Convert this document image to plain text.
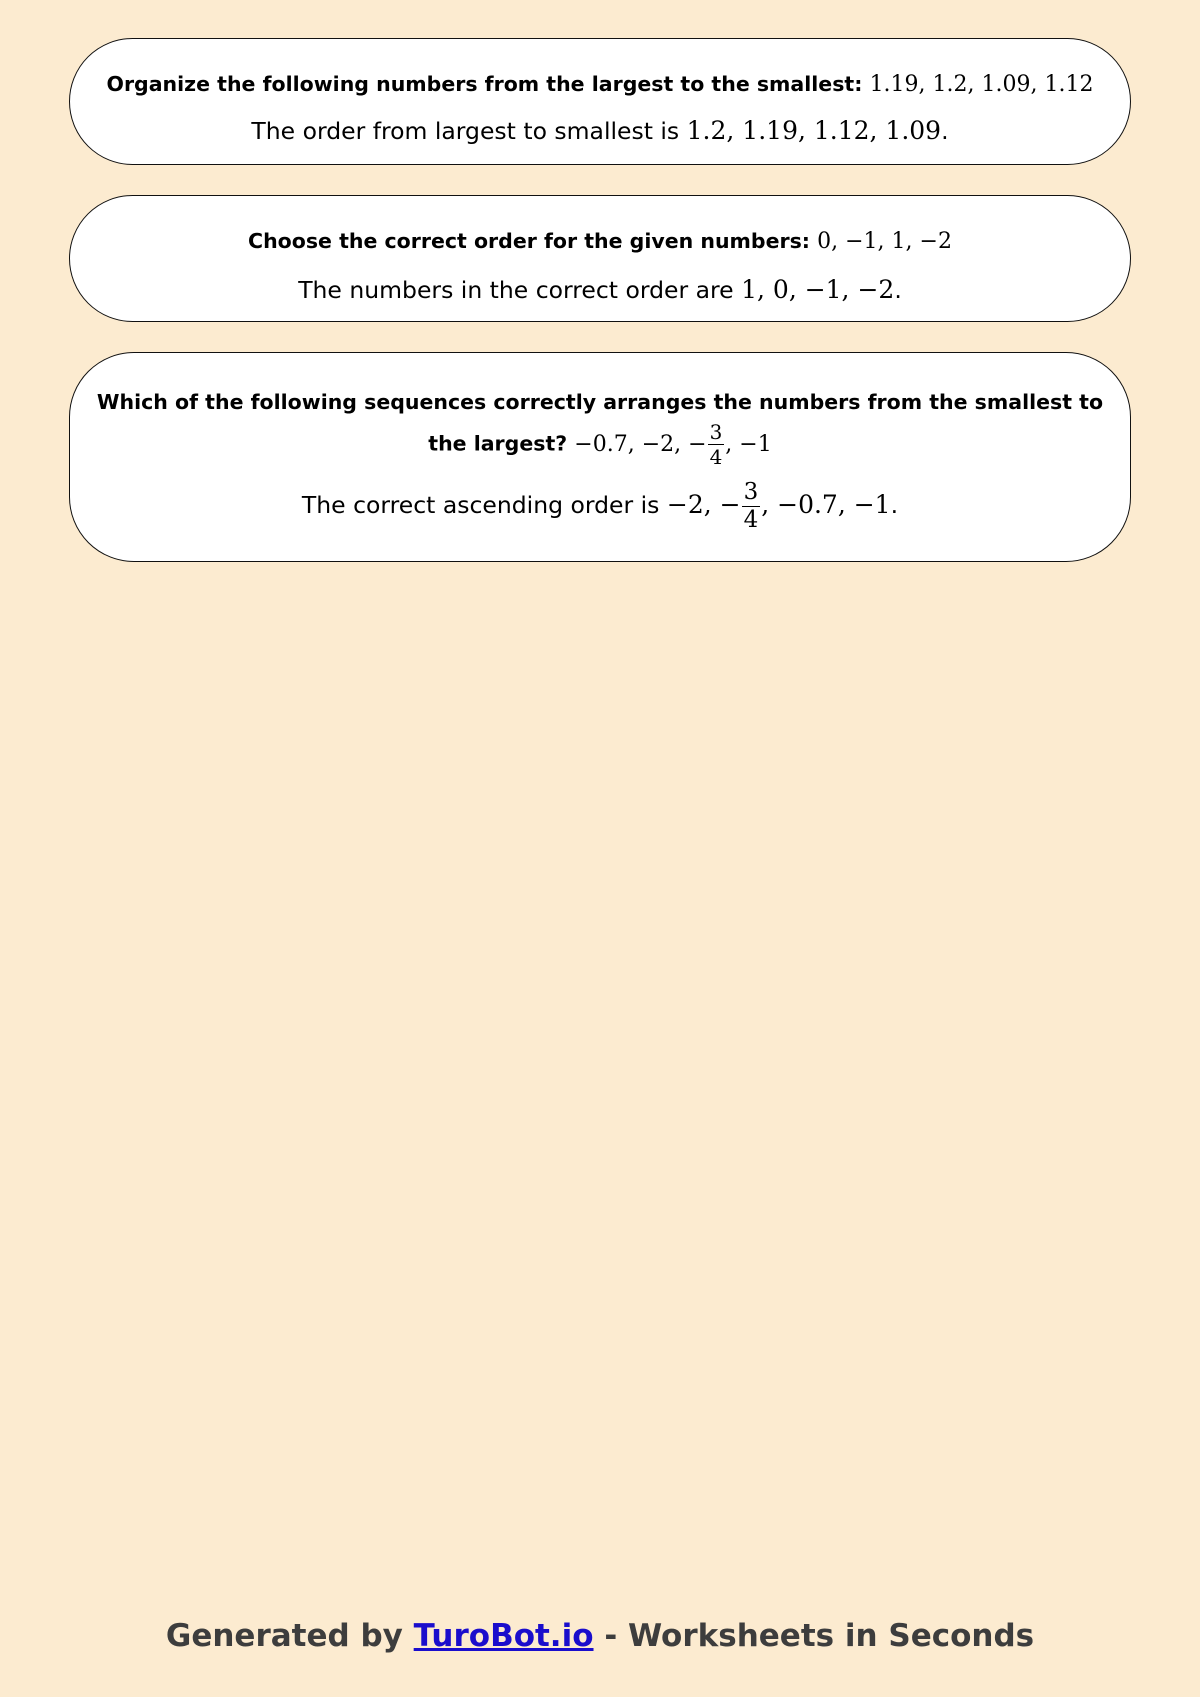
Organize the following numbers from the largest to the smallest: 1.19, 1.2, 1.09, 1.12

The order from largest to smallest is 1.2, 1.19, 1.12, 1.09.

Choose the correct order for the given numbers: 0, −1, 1, −2

The numbers in the correct order are 1, 0, −1, −2.

Which of the following sequences correctly arranges the numbers from the smallest to the largest? −0.7, −2, − $\frac{3}{4}$ , −1

The correct ascending order is −2, − $\frac{3}{4}$ , −0.7, −1.

Generated by TuroBot.io - Worksheets in Seconds
